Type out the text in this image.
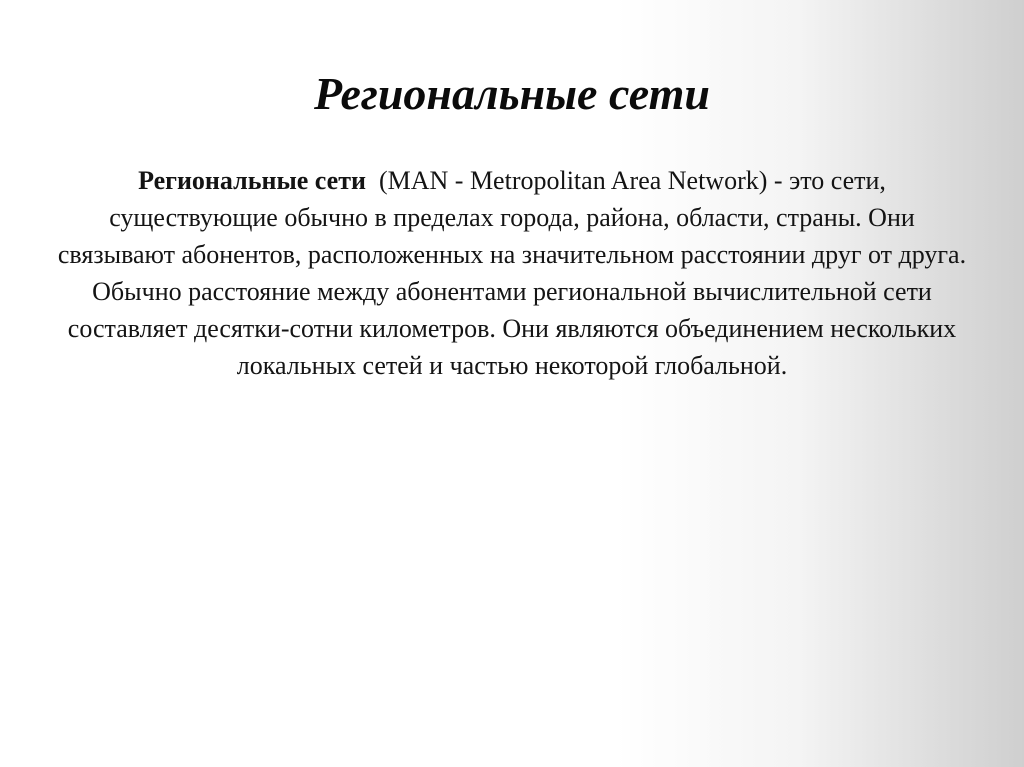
Региональные сети

Региональные сети  (MAN - Metropolitan Area Network) - это сети, существующие обычно в пределах города, района, области, страны. Они связывают абонентов, расположенных на значительном расстоянии друг от друга. Обычно расстояние между абонентами региональной вычислительной сети составляет десятки-сотни километров. Они являются объединением нескольких локальных сетей и частью некоторой глобальной.
